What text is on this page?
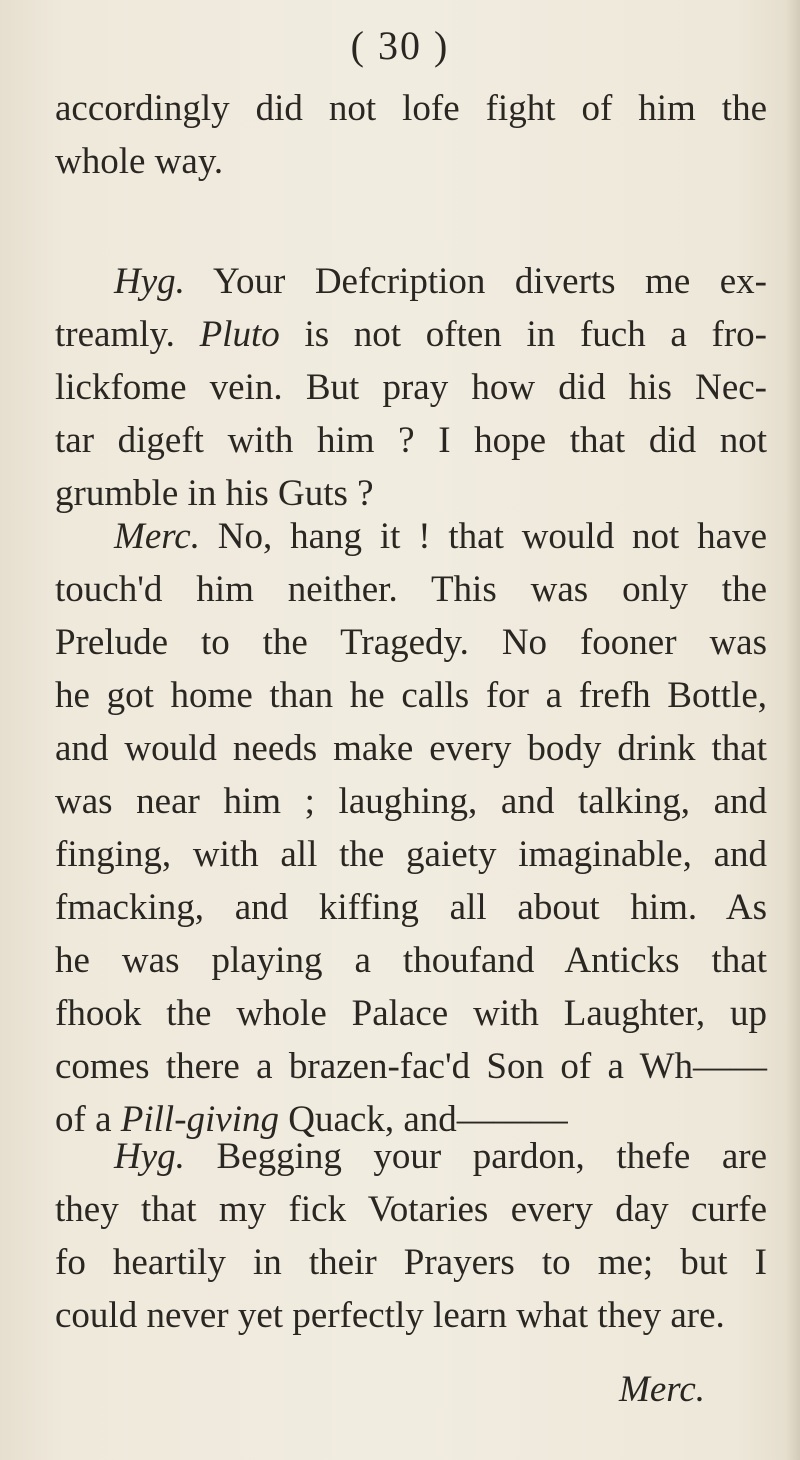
( 30 )
accordingly did not lofe fight of him the
whole way.
Hyg. Your Defcription diverts me ex-
treamly. Pluto is not often in fuch a fro-
lickfome vein. But pray how did his Nec-
tar digeft with him ? I hope that did not
grumble in his Guts ?
Merc. No, hang it ! that would not have
touch'd him neither. This was only the
Prelude to the Tragedy. No fooner was
he got home than he calls for a frefh Bottle,
and would needs make every body drink that
was near him ; laughing, and talking, and
finging, with all the gaiety imaginable, and
fmacking, and kiffing all about him. As
he was playing a thoufand Anticks that
fhook the whole Palace with Laughter, up
comes there a brazen-fac'd Son of a Wh——
of a Pill-giving Quack, and———
Hyg. Begging your pardon, thefe are
they that my fick Votaries every day curfe
fo heartily in their Prayers to me; but I
could never yet perfectly learn what they are.
Merc.
